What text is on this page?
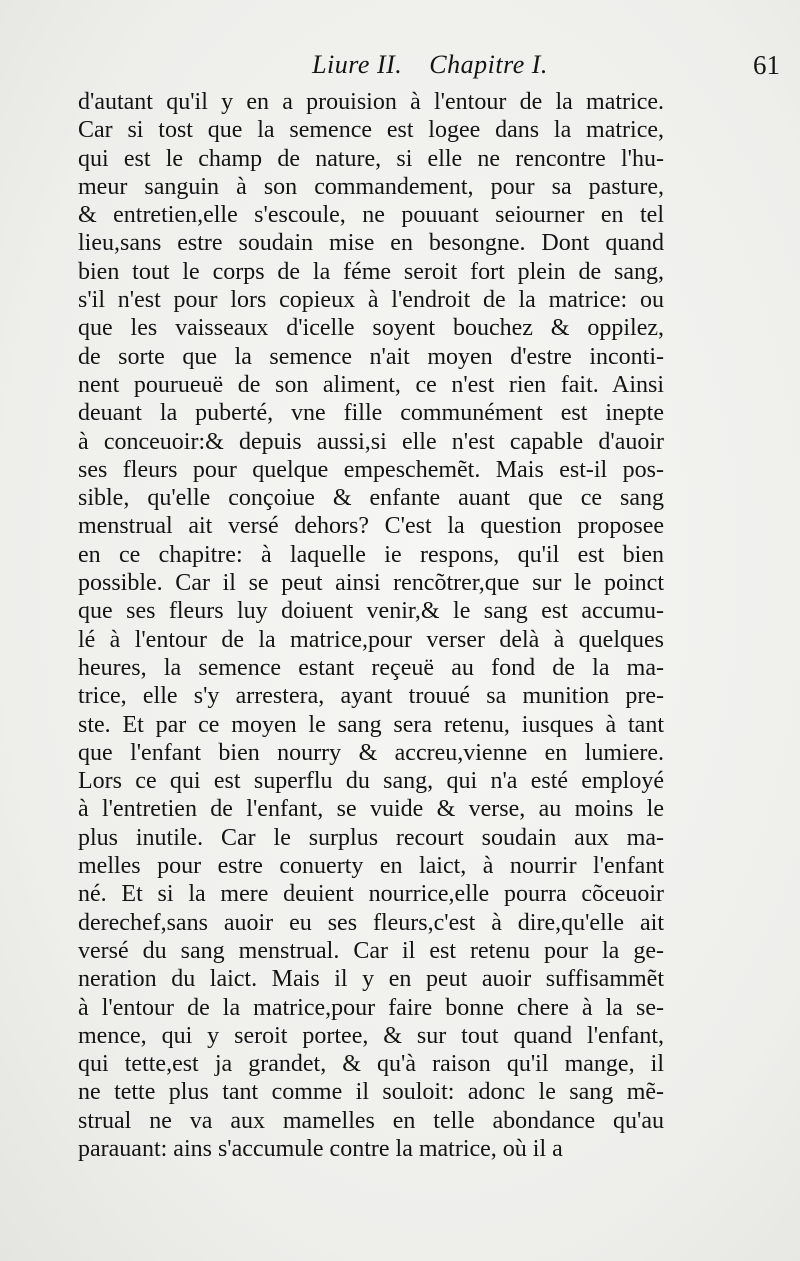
Liure II. Chapitre I.	61
d'autant qu'il y en a prouision à l'entour de la matrice.
Car si tost que la semence est logee dans la matrice,
qui est le champ de nature, si elle ne rencontre l'hu-
meur sanguin à son commandement, pour sa pasture,
& entretien,elle s'escoule, ne pouuant seiourner en tel
lieu,sans estre soudain mise en besongne. Dont quand
bien tout le corps de la féme seroit fort plein de sang,
s'il n'est pour lors copieux à l'endroit de la matrice: ou
que les vaisseaux d'icelle soyent bouchez & oppilez,
de sorte que la semence n'ait moyen d'estre inconti-
nent pourueuë de son aliment, ce n'est rien fait. Ainsi
deuant la puberté, vne fille communément est inepte
à conceuoir:& depuis aussi,si elle n'est capable d'auoir
ses fleurs pour quelque empeschemẽt. Mais est-il pos-
sible, qu'elle conçoiue & enfante auant que ce sang
menstrual ait versé dehors? C'est la question proposee
en ce chapitre: à laquelle ie respons, qu'il est bien
possible. Car il se peut ainsi rencõtrer,que sur le poinct
que ses fleurs luy doiuent venir,& le sang est accumu-
lé à l'entour de la matrice,pour verser delà à quelques
heures, la semence estant reçeuë au fond de la ma-
trice, elle s'y arrestera, ayant trouué sa munition pre-
ste. Et par ce moyen le sang sera retenu, iusques à tant
que l'enfant bien nourry & accreu,vienne en lumiere.
Lors ce qui est superflu du sang, qui n'a esté employé
à l'entretien de l'enfant, se vuide & verse, au moins le
plus inutile. Car le surplus recourt soudain aux ma-
melles pour estre conuerty en laict, à nourrir l'enfant
né. Et si la mere deuient nourrice,elle pourra cõceuoir
derechef,sans auoir eu ses fleurs,c'est à dire,qu'elle ait
versé du sang menstrual. Car il est retenu pour la ge-
neration du laict. Mais il y en peut auoir suffisammẽt
à l'entour de la matrice,pour faire bonne chere à la se-
mence, qui y seroit portee, & sur tout quand l'enfant,
qui tette,est ja grandet, & qu'à raison qu'il mange, il
ne tette plus tant comme il souloit: adonc le sang mẽ-
strual ne va aux mamelles en telle abondance qu'au
parauant: ains s'accumule contre la matrice, où il a
